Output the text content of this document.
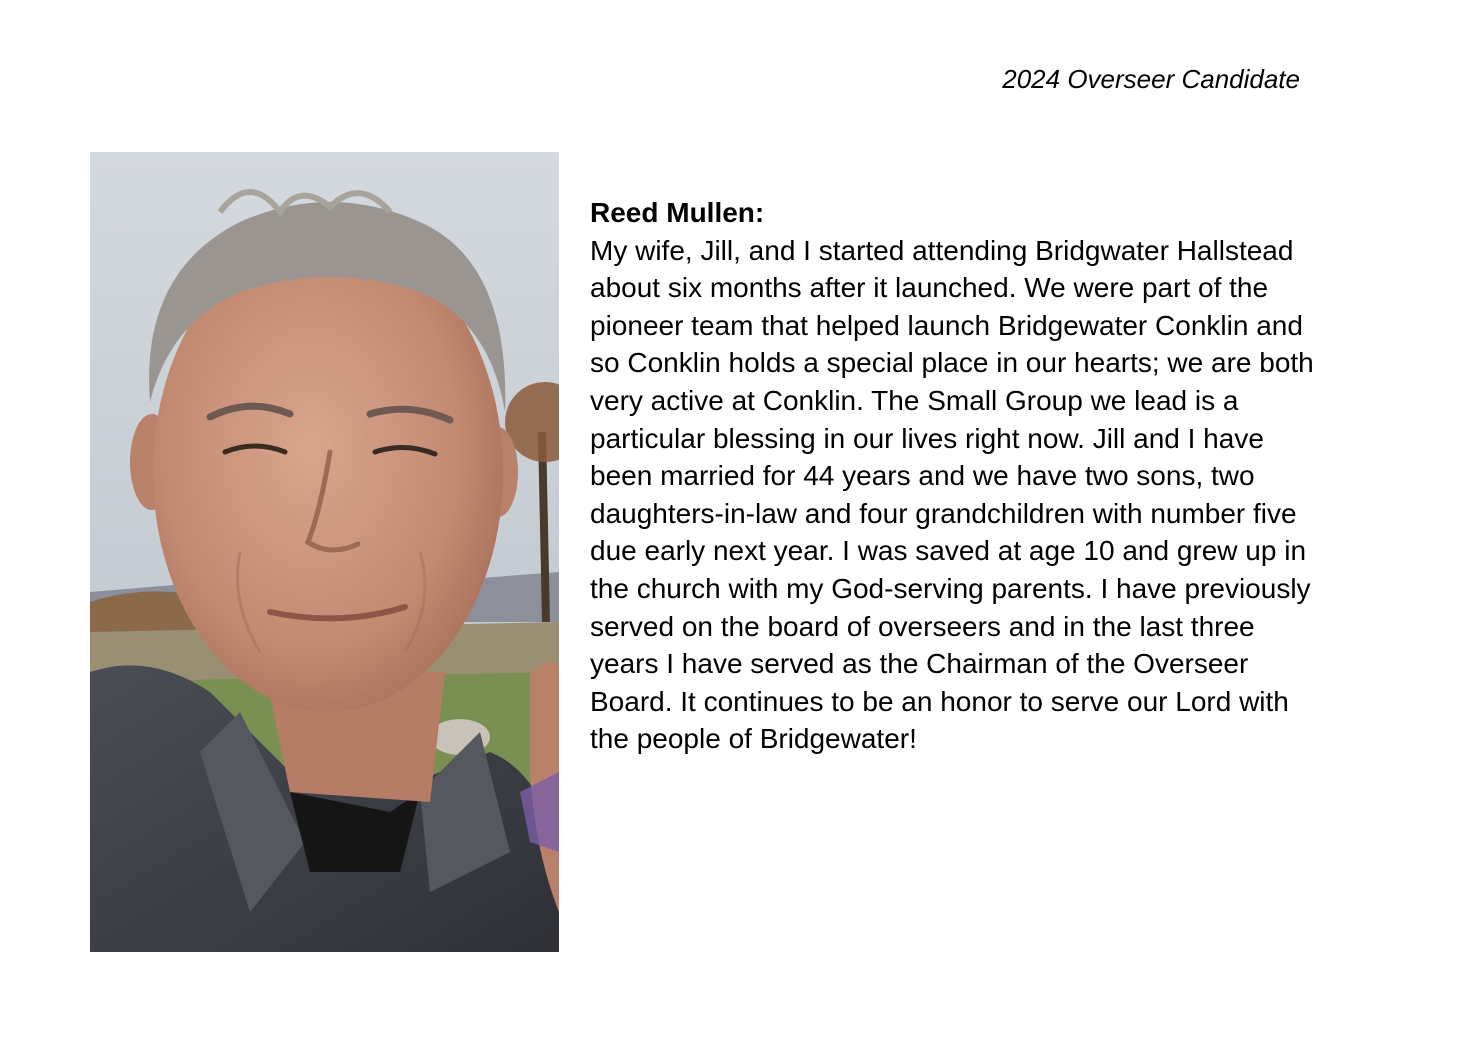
2024 Overseer Candidate
Reed Mullen:
My wife, Jill, and I started attending Bridgwater Hallstead about six months after it launched. We were part of the pioneer team that helped launch Bridgewater Conklin and so Conklin holds a special place in our hearts; we are both very active at Conklin. The Small Group we lead is a particular blessing in our lives right now. Jill and I have been married for 44 years and we have two sons, two daughters-in-law and four grandchildren with number five due early next year. I was saved at age 10 and grew up in the church with my God-serving parents. I have previously served on the board of overseers and in the last three years I have served as the Chairman of the Overseer Board. It continues to be an honor to serve our Lord with the people of Bridgewater!
